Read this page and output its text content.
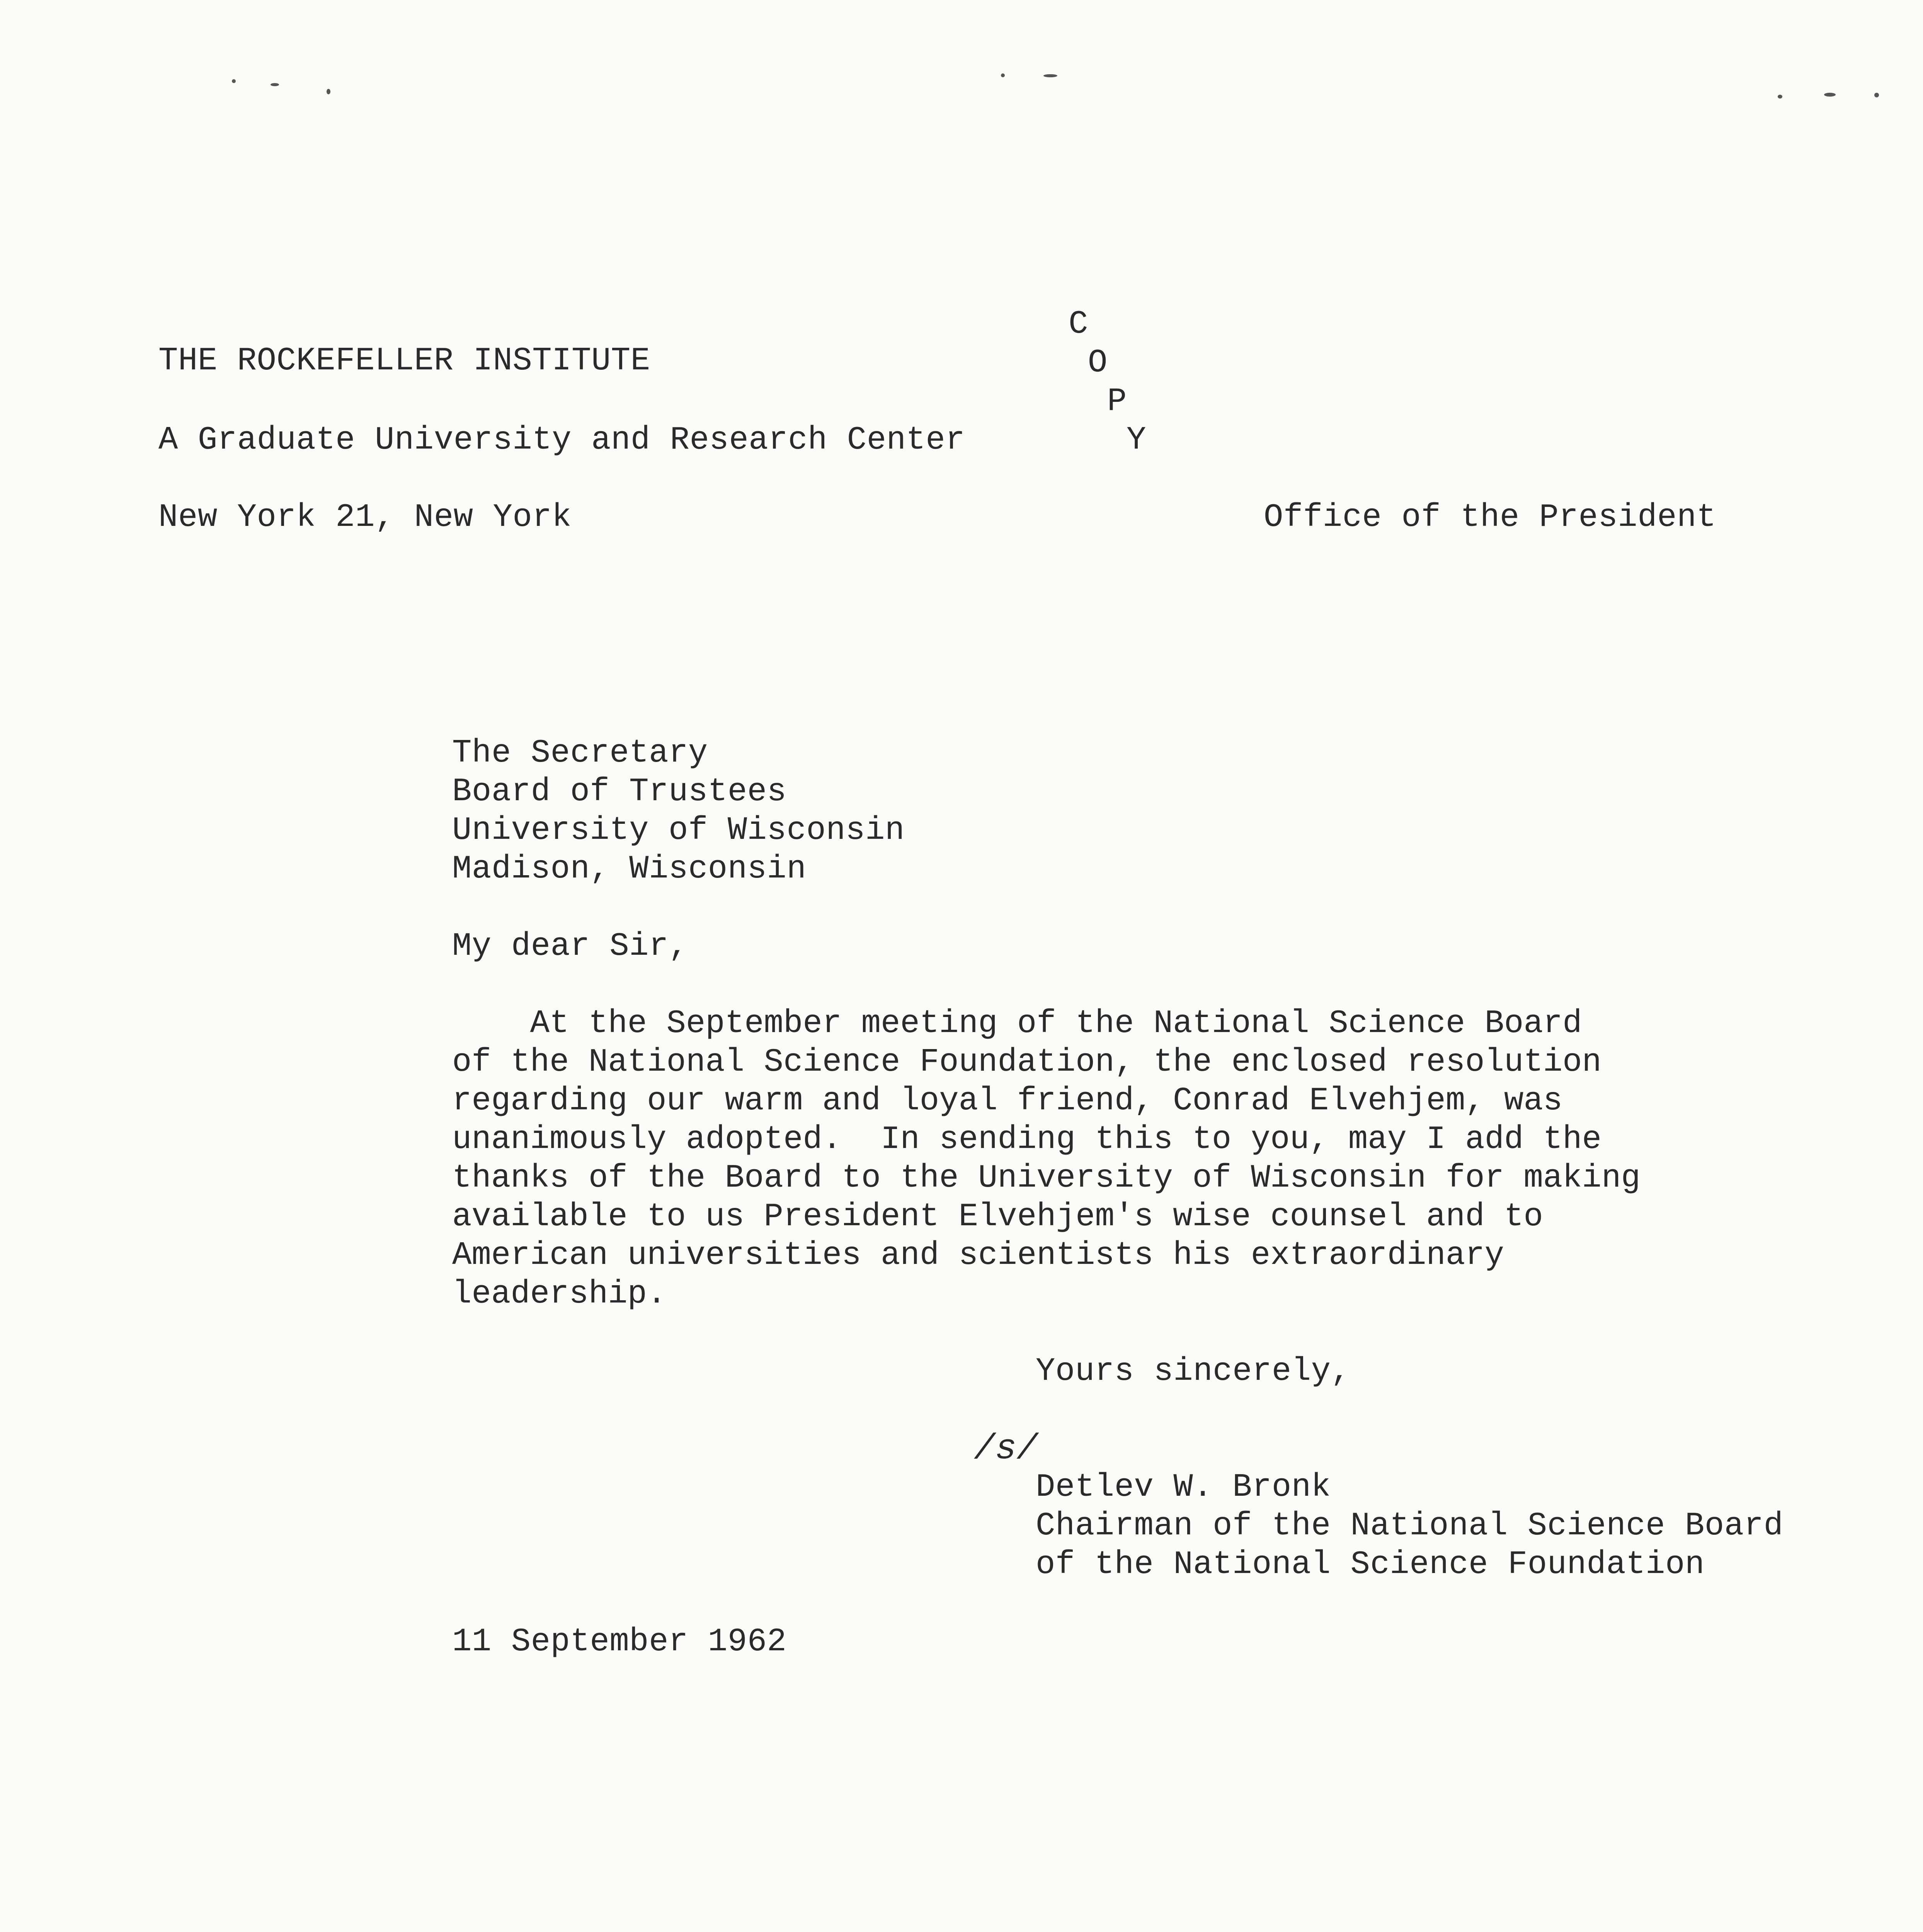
THE ROCKEFELLER INSTITUTE
A Graduate University and Research Center
New York 21, New York	Office of the President
C
O
P
Y
The Secretary
Board of Trustees
University of Wisconsin
Madison, Wisconsin
My dear Sir,
At the September meeting of the National Science Board
of the National Science Foundation, the enclosed resolution
regarding our warm and loyal friend, Conrad Elvehjem, was
unanimously adopted.  In sending this to you, may I add the
thanks of the Board to the University of Wisconsin for making
available to us President Elvehjem's wise counsel and to
American universities and scientists his extraordinary
leadership.
Yours sincerely,
/s/
Detlev W. Bronk
Chairman of the National Science Board
of the National Science Foundation
11 September 1962
